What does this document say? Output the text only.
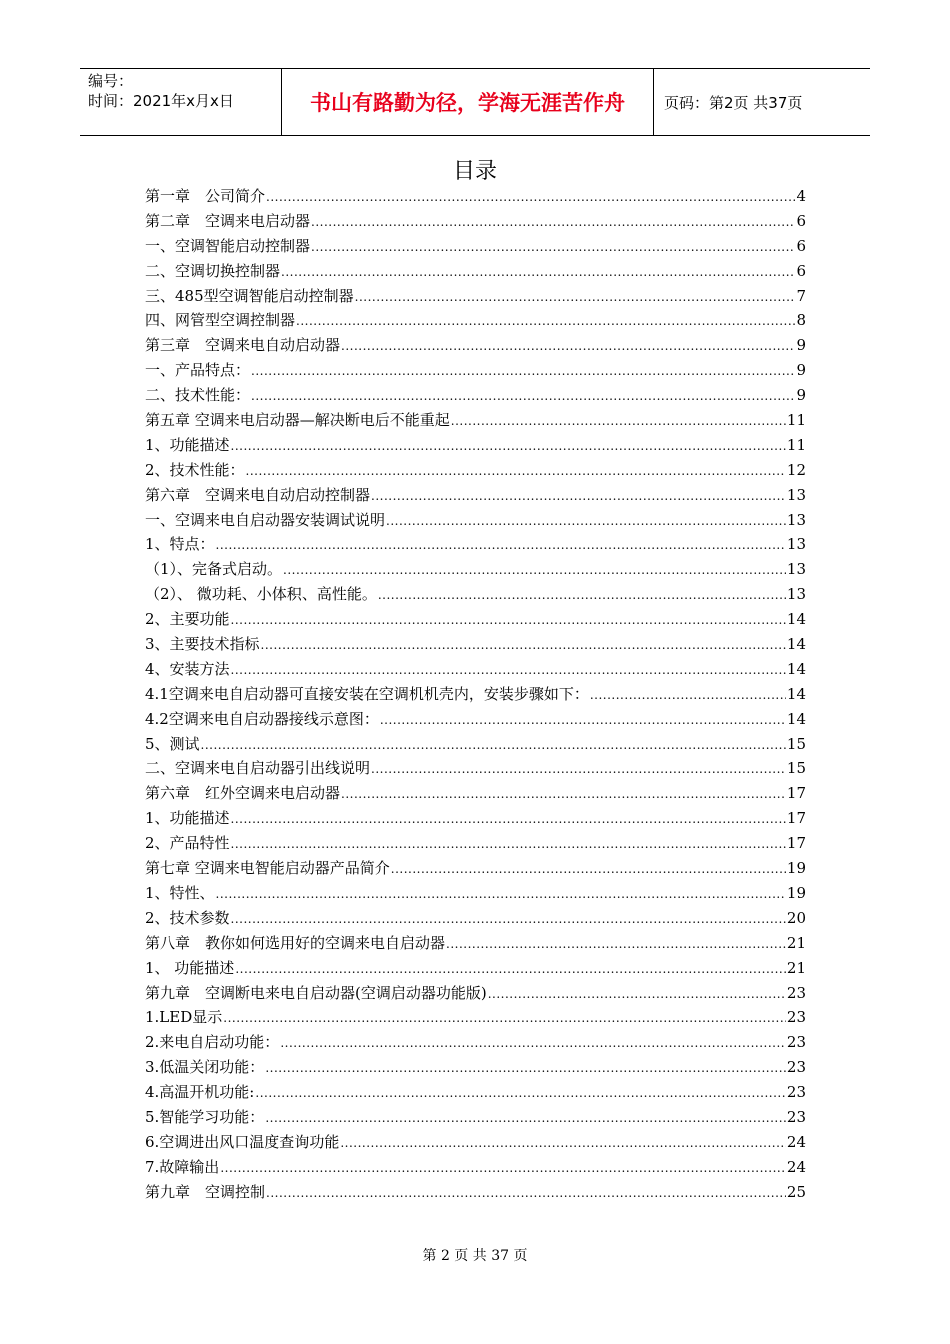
编号：
时间：2021年x月x日	书山有路勤为径，学海无涯苦作舟	页码：第2页 共37页
目录
第一章　公司简介 .....	4
第二章　空调来电启动器 .....	6
一、空调智能启动控制器 .....	6
二、空调切换控制器 .....	6
三、485型空调智能启动控制器 .....	7
四、网管型空调控制器 .....	8
第三章　空调来电自动启动器 .....	9
一、产品特点： .....	9
二、技术性能： .....	9
第五章 空调来电启动器—解决断电后不能重起 .....	11
1、功能描述 .....	11
2、技术性能： .....	12
第六章　空调来电自动启动控制器 .....	13
一、空调来电自启动器安装调试说明 .....	13
1、特点： .....	13
（1）、完备式启动。 .....	13
（2）、 微功耗、小体积、高性能。 .....	13
2、主要功能 .....	14
3、主要技术指标 .....	14
4、安装方法 .....	14
4.1空调来电自启动器可直接安装在空调机机壳内，安装步骤如下： .....	14
4.2空调来电自启动器接线示意图： .....	14
5、测试 .....	15
二、空调来电自启动器引出线说明 .....	15
第六章　红外空调来电启动器 .....	17
1、功能描述 .....	17
2、产品特性 .....	17
第七章 空调来电智能启动器产品简介 .....	19
1、特性、 .....	19
2、技术参数 .....	20
第八章　教你如何选用好的空调来电自启动器 .....	21
1、 功能描述 .....	21
第九章　空调断电来电自启动器(空调启动器功能版) .....	23
1.LED显示 .....	23
2.来电自启动功能： .....	23
3.低温关闭功能： .....	23
4.高温开机功能: .....	23
5.智能学习功能： .....	23
6.空调进出风口温度查询功能 .....	24
7.故障输出 .....	24
第九章　空调控制 .....	25
第 2 页 共 37 页
